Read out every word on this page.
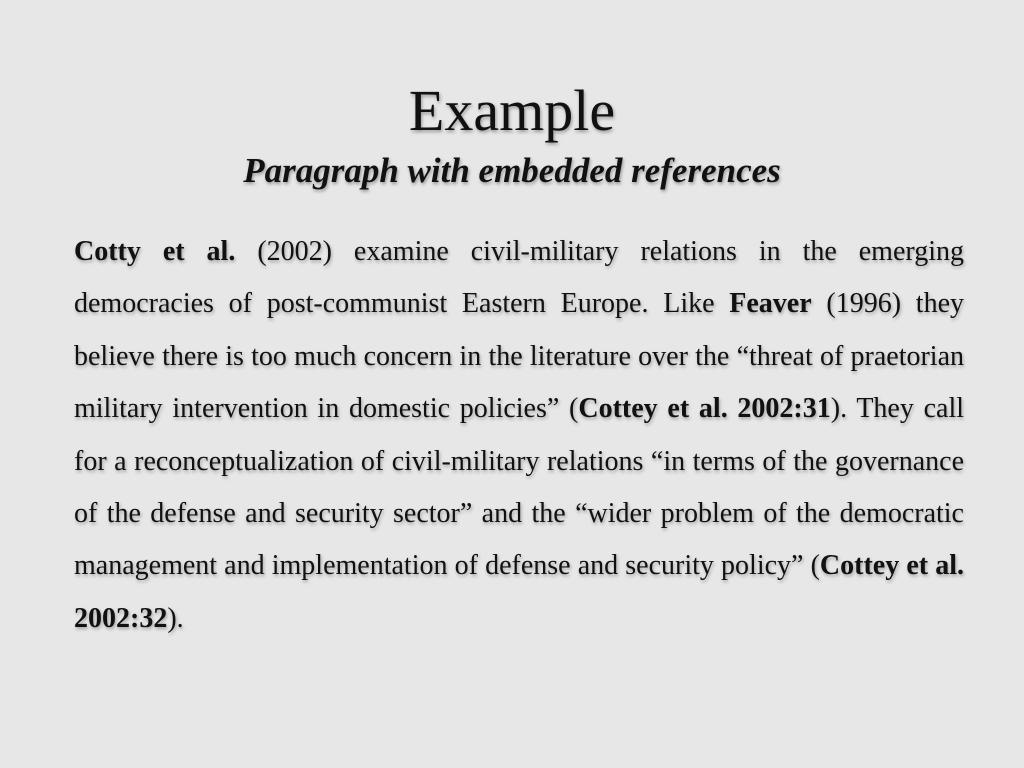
Example
Paragraph with embedded references

Cotty et al. (2002) examine civil-military relations in the emerging democracies of post-communist Eastern Europe. Like Feaver (1996) they believe there is too much concern in the literature over the “threat of praetorian military intervention in domestic policies” (Cottey et al. 2002:31). They call for a reconceptualization of civil-military relations “in terms of the governance of the defense and security sector” and the “wider problem of the democratic management and implementation of defense and security policy” (Cottey et al. 2002:32).
